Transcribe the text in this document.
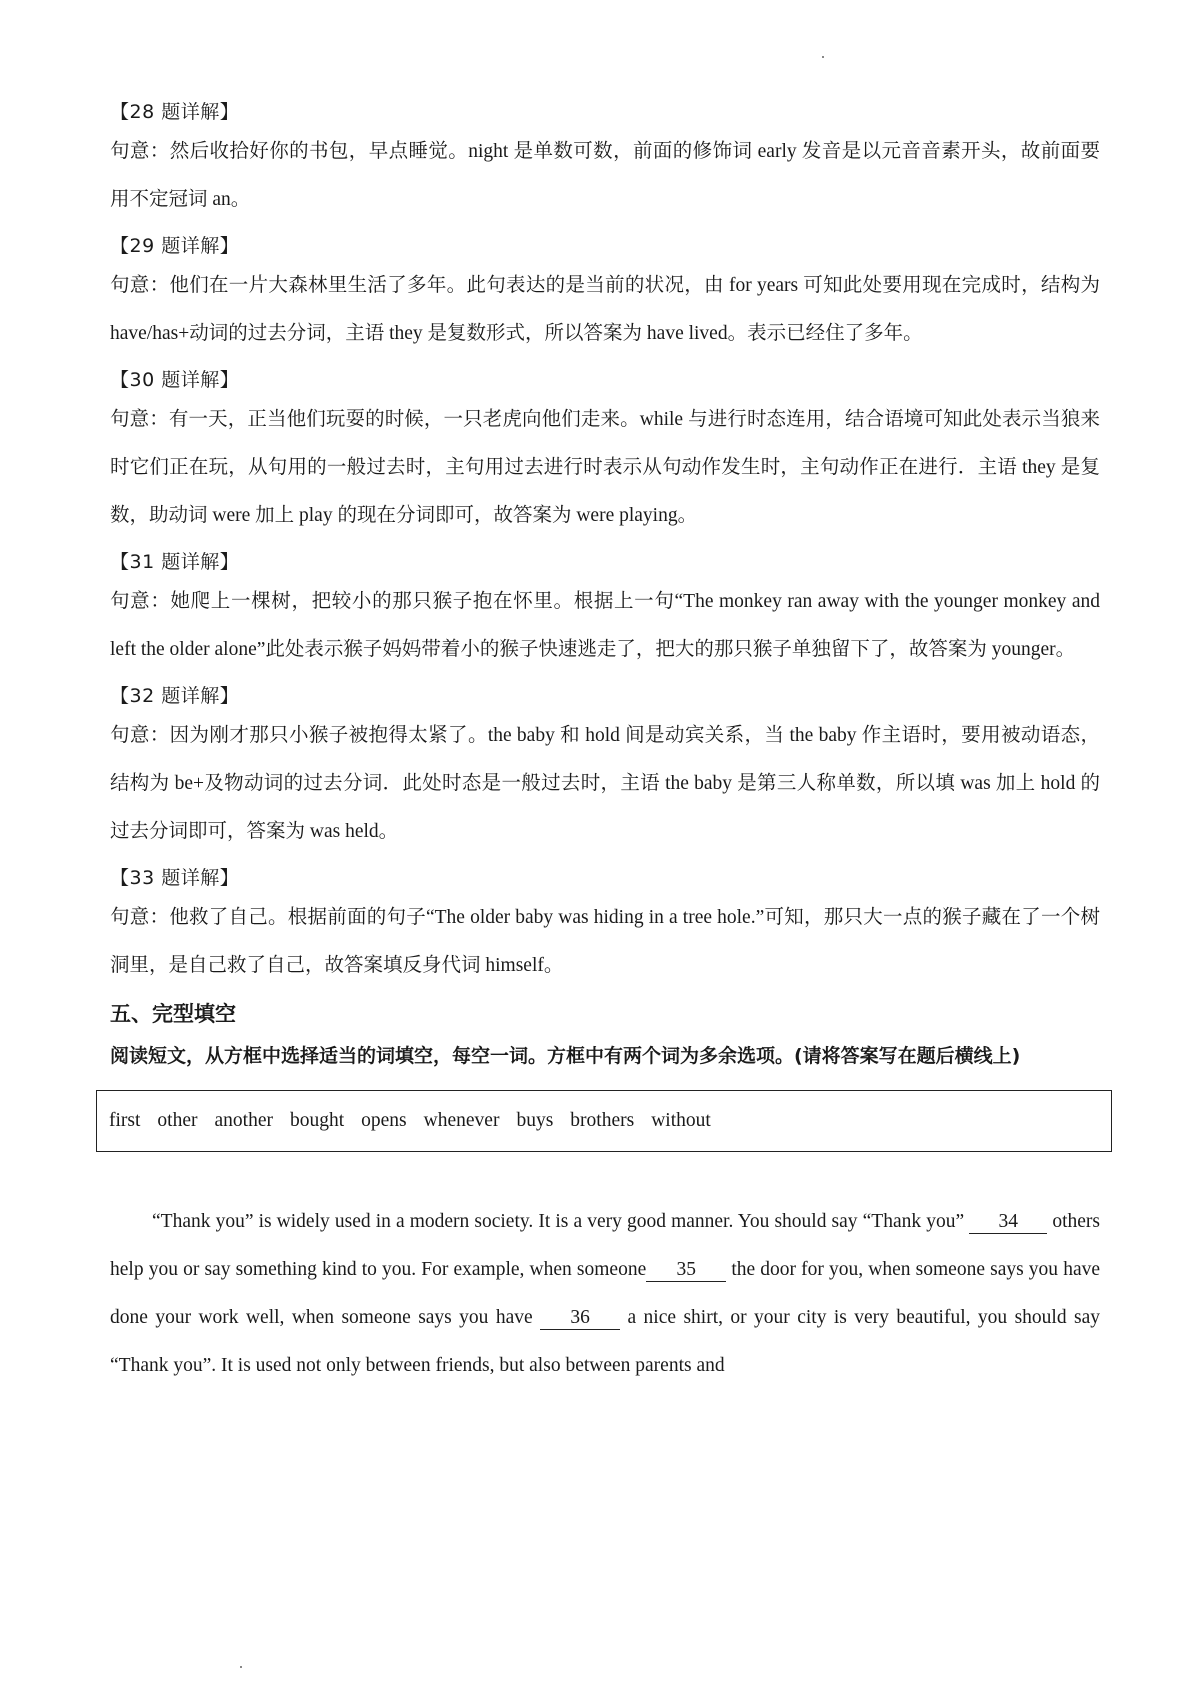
【28 题详解】

句意：然后收拾好你的书包，早点睡觉。night 是单数可数，前面的修饰词 early 发音是以元音音素开头，故前面要用不定冠词 an。

【29 题详解】

句意：他们在一片大森林里生活了多年。此句表达的是当前的状况，由 for years 可知此处要用现在完成时，结构为 have/has+动词的过去分词，主语 they 是复数形式，所以答案为 have lived。表示已经住了多年。

【30 题详解】

句意：有一天，正当他们玩耍的时候，一只老虎向他们走来。while 与进行时态连用，结合语境可知此处表示当狼来时它们正在玩，从句用的一般过去时，主句用过去进行时表示从句动作发生时，主句动作正在进行．主语 they 是复数，助动词 were 加上 play 的现在分词即可，故答案为 were playing。

【31 题详解】

句意：她爬上一棵树，把较小的那只猴子抱在怀里。根据上一句“The monkey ran away with the younger monkey and left the older alone”此处表示猴子妈妈带着小的猴子快速逃走了，把大的那只猴子单独留下了，故答案为 younger。

【32 题详解】

句意：因为刚才那只小猴子被抱得太紧了。the baby 和 hold 间是动宾关系，当 the baby 作主语时，要用被动语态，结构为 be+及物动词的过去分词．此处时态是一般过去时，主语 the baby 是第三人称单数，所以填 was 加上 hold 的过去分词即可，答案为 was held。

【33 题详解】

句意：他救了自己。根据前面的句子“The older baby was hiding in a tree hole.”可知，那只大一点的猴子藏在了一个树洞里，是自己救了自己，故答案填反身代词 himself。

五、完型填空

阅读短文，从方框中选择适当的词填空，每空一词。方框中有两个词为多余选项。(请将答案写在题后横线上)

first other another bought opens whenever buys brothers without

“Thank you” is widely used in a modern society. It is a very good manner. You should say “Thank you” 34 others help you or say something kind to you. For example, when someone 35 the door for you, when someone says you have done your work well, when someone says you have 36 a nice shirt, or your city is very beautiful, you should say “Thank you”. It is used not only between friends, but also between parents and
